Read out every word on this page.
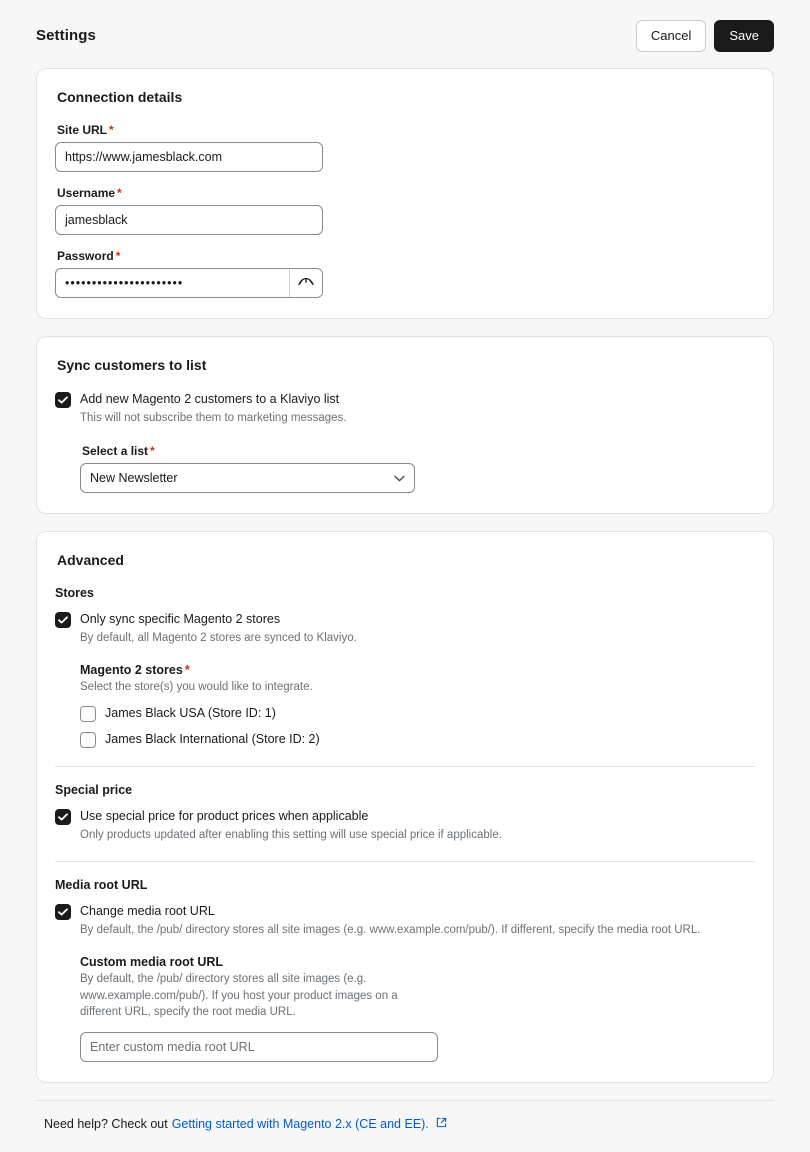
Settings	Cancel	Save
Connection details
Site URL *
https://www.jamesblack.com
Username *
jamesblack
Password *
••••••••••••••••••••••
Sync customers to list
Add new Magento 2 customers to a Klaviyo list
This will not subscribe them to marketing messages.
Select a list *
New Newsletter
Advanced
Stores
Only sync specific Magento 2 stores
By default, all Magento 2 stores are synced to Klaviyo.
Magento 2 stores *
Select the store(s) you would like to integrate.
James Black USA (Store ID: 1)
James Black International (Store ID: 2)
Special price
Use special price for product prices when applicable
Only products updated after enabling this setting will use special price if applicable.
Media root URL
Change media root URL
By default, the /pub/ directory stores all site images (e.g. www.example.com/pub/). If different, specify the media root URL.
Custom media root URL
By default, the /pub/ directory stores all site images (e.g. www.example.com/pub/). If you host your product images on a different URL, specify the root media URL.
Enter custom media root URL
Need help? Check out Getting started with Magento 2.x (CE and EE).
